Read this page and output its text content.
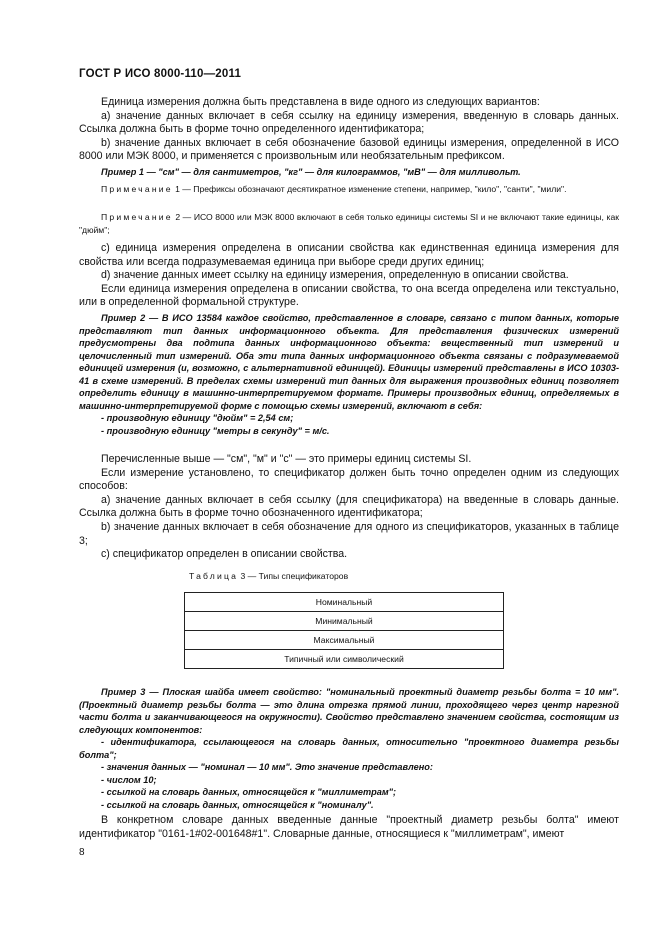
ГОСТ Р ИСО 8000-110—2011

Единица измерения должна быть представлена в виде одного из следующих вариантов:

а) значение данных включает в себя ссылку на единицу измерения, введенную в словарь данных. Ссылка должна быть в форме точно определенного идентификатора;

b) значение данных включает в себя обозначение базовой единицы измерения, определенной в ИСО 8000 или МЭК 8000, и применяется с произвольным или необязательным префиксом.

Пример 1 — "см" — для сантиметров, "кг" — для килограммов, "мВ" — для милливольт.

Примечание 1 — Префиксы обозначают десятикратное изменение степени, например, "кило", "санти", "мили".

Примечание 2 — ИСО 8000 или МЭК 8000 включают в себя только единицы системы SI и не включают такие единицы, как "дюйм";

с) единица измерения определена в описании свойства как единственная единица измерения для свойства или всегда подразумеваемая единица при выборе среди других единиц;

d) значение данных имеет ссылку на единицу измерения, определенную в описании свойства.

Если единица измерения определена в описании свойства, то она всегда определена или текстуально, или в определенной формальной структуре.

Пример 2 — В ИСО 13584 каждое свойство, представленное в словаре, связано с типом данных, которые представляют тип данных информационного объекта. Для представления физических измерений предусмотрены два подтипа данных информационного объекта: вещественный тип измерений и целочисленный тип измерений. Оба эти типа данных информационного объекта связаны с подразумеваемой единицей измерения (и, возможно, с альтернативной единицей). Единицы измерений представлены в ИСО 10303-41 в схеме измерений. В пределах схемы измерений тип данных для выражения производных единиц позволяет определить единицу в машинно-интерпретируемом формате. Примеры производных единиц, определяемых в машинно-интерпретируемой форме с помощью схемы измерений, включают в себя:

- производную единицу "дюйм" = 2,54 см;

- производную единицу "метры в секунду" = м/с.

Перечисленные выше — "см", "м" и "с" — это примеры единиц системы SI.

Если измерение установлено, то спецификатор должен быть точно определен одним из следующих способов:

а) значение данных включает в себя ссылку (для спецификатора) на введенные в словарь данные. Ссылка должна быть в форме точно обозначенного идентификатора;

b) значение данных включает в себя обозначение для одного из спецификаторов, указанных в таблице 3;

с) спецификатор определен в описании свойства.

Таблица 3 — Типы спецификаторов
Номинальный
Минимальный
Максимальный
Типичный или символический

Пример 3 — Плоская шайба имеет свойство: "номинальный проектный диаметр резьбы болта = 10 мм". (Проектный диаметр резьбы болта — это длина отрезка прямой линии, проходящего через центр нарезной части болта и заканчивающегося на окружности). Свойство представлено значением свойства, состоящим из следующих компонентов:

- идентификатора, ссылающегося на словарь данных, относительно "проектного диаметра резьбы болта";

- значения данных — "номинал — 10 мм". Это значение представлено:

- числом 10;

- ссылкой на словарь данных, относящейся к "миллиметрам";

- ссылкой на словарь данных, относящейся к "номиналу".

В конкретном словаре данных введенные данные "проектный диаметр резьбы болта" имеют идентификатор "0161-1#02-001648#1". Словарные данные, относящиеся к "миллиметрам", имеют

8
